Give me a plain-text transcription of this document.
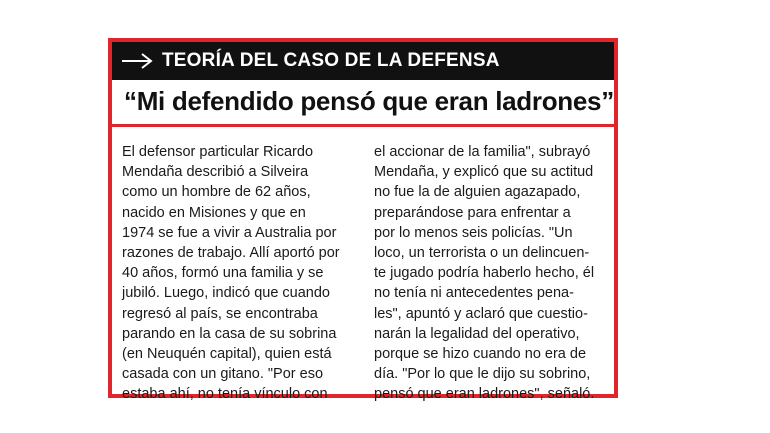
TEORÍA DEL CASO DE LA DEFENSA
“Mi defendido pensó que eran ladrones”
El defensor particular Ricardo
Mendaña describió a Silveira
como un hombre de 62 años,
nacido en Misiones y que en
1974 se fue a vivir a Australia por
razones de trabajo. Allí aportó por
40 años, formó una familia y se
jubiló. Luego, indicó que cuando
regresó al país, se encontraba
parando en la casa de su sobrina
(en Neuquén capital), quien está
casada con un gitano. "Por eso
estaba ahí, no tenía vínculo con
el accionar de la familia", subrayó
Mendaña, y explicó que su actitud
no fue la de alguien agazapado,
preparándose para enfrentar a
por lo menos seis policías. "Un
loco, un terrorista o un delincuen-
te jugado podría haberlo hecho, él
no tenía ni antecedentes pena-
les", apuntó y aclaró que cuestio-
narán la legalidad del operativo,
porque se hizo cuando no era de
día. "Por lo que le dijo su sobrino,
pensó que eran ladrones", señaló.
